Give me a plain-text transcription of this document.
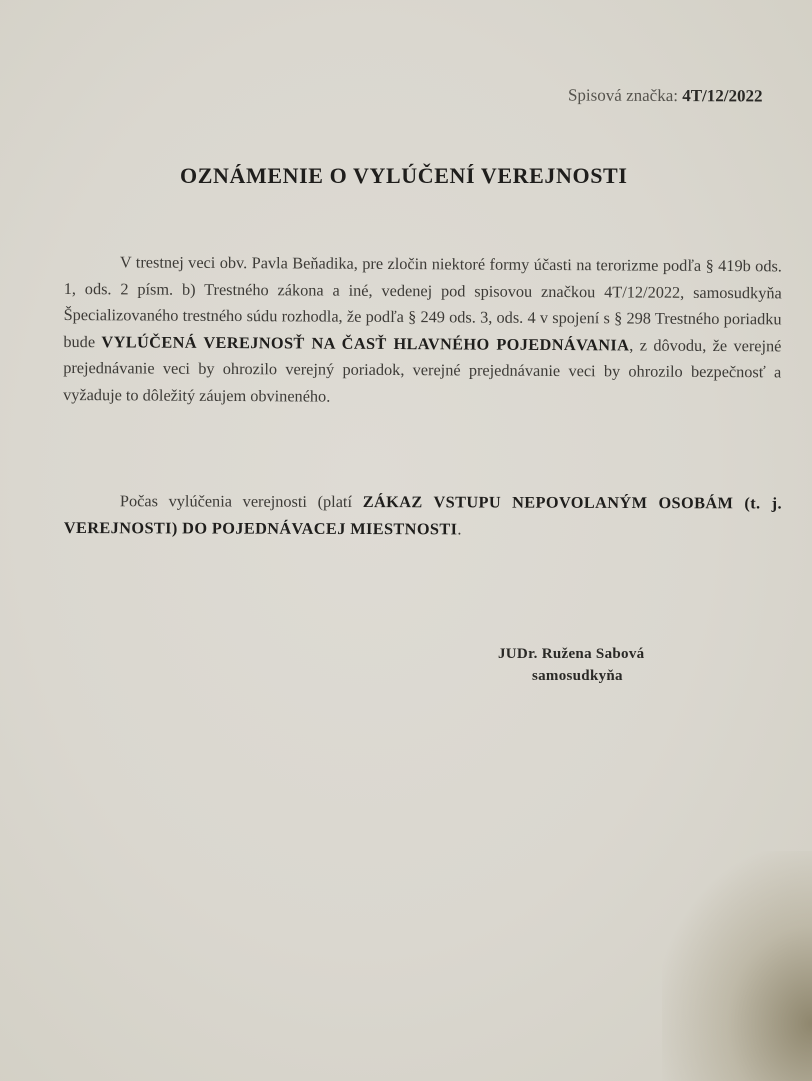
Spisová značka: 4T/12/2022
OZNÁMENIE O VYLÚČENÍ VEREJNOSTI
V trestnej veci obv. Pavla Beňadika, pre zločin niektoré formy účasti na terorizme podľa § 419b ods. 1, ods. 2 písm. b) Trestného zákona a iné, vedenej pod spisovou značkou 4T/12/2022, samosudkyňa Špecializovaného trestného súdu rozhodla, že podľa § 249 ods. 3, ods. 4 v spojení s § 298 Trestného poriadku bude VYLÚČENÁ VEREJNOSŤ NA ČASŤ HLAVNÉHO POJEDNÁVANIA, z dôvodu, že verejné prejednávanie veci by ohrozilo verejný poriadok, verejné prejednávanie veci by ohrozilo bezpečnosť a vyžaduje to dôležitý záujem obvineného.
Počas vylúčenia verejnosti (platí ZÁKAZ VSTUPU NEPOVOLANÝM OSOBÁM (t. j. VEREJNOSTI) DO POJEDNÁVACEJ MIESTNOSTI.
JUDr. Ružena Sabová
samosudkyňa
